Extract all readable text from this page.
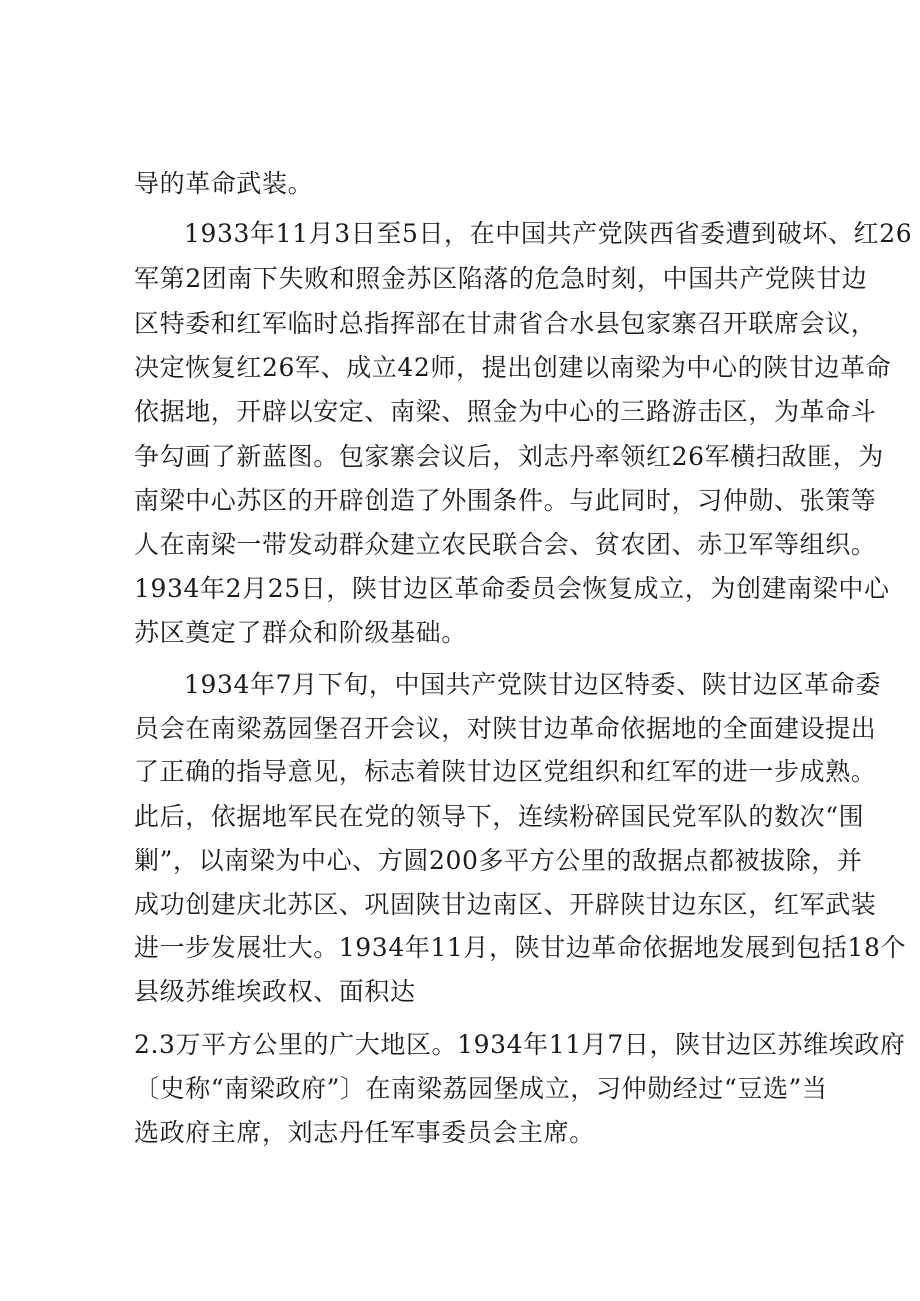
导的革命武装。
1933年11月3日至5日，在中国共产党陕西省委遭到破坏、红26
军第2团南下失败和照金苏区陷落的危急时刻，中国共产党陕甘边
区特委和红军临时总指挥部在甘肃省合水县包家寨召开联席会议，
决定恢复红26军、成立42师，提出创建以南梁为中心的陕甘边革命
依据地，开辟以安定、南梁、照金为中心的三路游击区，为革命斗
争勾画了新蓝图。包家寨会议后，刘志丹率领红26军横扫敌匪，为
南梁中心苏区的开辟创造了外围条件。与此同时，习仲勋、张策等
人在南梁一带发动群众建立农民联合会、贫农团、赤卫军等组织。
1934年2月25日，陕甘边区革命委员会恢复成立，为创建南梁中心
苏区奠定了群众和阶级基础。
1934年7月下旬，中国共产党陕甘边区特委、陕甘边区革命委
员会在南梁荔园堡召开会议，对陕甘边革命依据地的全面建设提出
了正确的指导意见，标志着陕甘边区党组织和红军的进一步成熟。
此后，依据地军民在党的领导下，连续粉碎国民党军队的数次“围
剿”，以南梁为中心、方圆200多平方公里的敌据点都被拔除，并
成功创建庆北苏区、巩固陕甘边南区、开辟陕甘边东区，红军武装
进一步发展壮大。1934年11月，陕甘边革命依据地发展到包括18个
县级苏维埃政权、面积达
2.3万平方公里的广大地区。1934年11月7日，陕甘边区苏维埃政府
〔史称“南梁政府”〕在南梁荔园堡成立，习仲勋经过“豆选”当
选政府主席，刘志丹任军事委员会主席。
